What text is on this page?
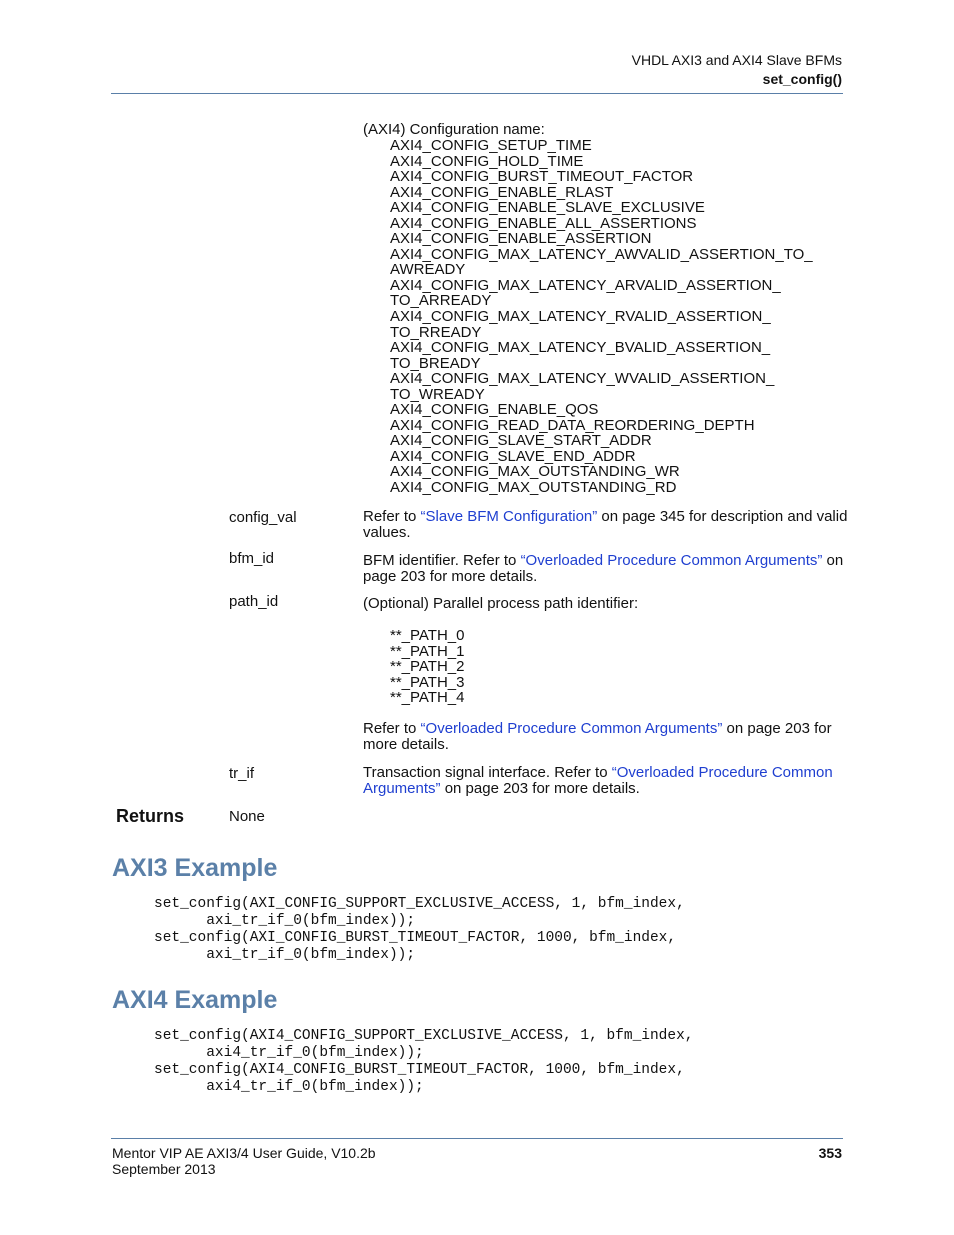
VHDL AXI3 and AXI4 Slave BFMs
set_config()
(AXI4) Configuration name:
AXI4_CONFIG_SETUP_TIME
AXI4_CONFIG_HOLD_TIME
AXI4_CONFIG_BURST_TIMEOUT_FACTOR
AXI4_CONFIG_ENABLE_RLAST
AXI4_CONFIG_ENABLE_SLAVE_EXCLUSIVE
AXI4_CONFIG_ENABLE_ALL_ASSERTIONS
AXI4_CONFIG_ENABLE_ASSERTION
AXI4_CONFIG_MAX_LATENCY_AWVALID_ASSERTION_TO_
AWREADY
AXI4_CONFIG_MAX_LATENCY_ARVALID_ASSERTION_
TO_ARREADY
AXI4_CONFIG_MAX_LATENCY_RVALID_ASSERTION_
TO_RREADY
AXI4_CONFIG_MAX_LATENCY_BVALID_ASSERTION_
TO_BREADY
AXI4_CONFIG_MAX_LATENCY_WVALID_ASSERTION_
TO_WREADY
AXI4_CONFIG_ENABLE_QOS
AXI4_CONFIG_READ_DATA_REORDERING_DEPTH
AXI4_CONFIG_SLAVE_START_ADDR
AXI4_CONFIG_SLAVE_END_ADDR
AXI4_CONFIG_MAX_OUTSTANDING_WR
AXI4_CONFIG_MAX_OUTSTANDING_RD
config_val	Refer to “Slave BFM Configuration” on page 345 for description and valid values.
bfm_id	BFM identifier. Refer to “Overloaded Procedure Common Arguments” on page 203 for more details.
path_id	(Optional) Parallel process path identifier:
**_PATH_0
**_PATH_1
**_PATH_2
**_PATH_3
**_PATH_4
Refer to “Overloaded Procedure Common Arguments” on page 203 for more details.
tr_if	Transaction signal interface. Refer to “Overloaded Procedure Common Arguments” on page 203 for more details.
Returns	None
AXI3 Example
set_config(AXI_CONFIG_SUPPORT_EXCLUSIVE_ACCESS, 1, bfm_index,
axi_tr_if_0(bfm_index));
set_config(AXI_CONFIG_BURST_TIMEOUT_FACTOR, 1000, bfm_index,
axi_tr_if_0(bfm_index));
AXI4 Example
set_config(AXI4_CONFIG_SUPPORT_EXCLUSIVE_ACCESS, 1, bfm_index,
axi4_tr_if_0(bfm_index));
set_config(AXI4_CONFIG_BURST_TIMEOUT_FACTOR, 1000, bfm_index,
axi4_tr_if_0(bfm_index));
Mentor VIP AE AXI3/4 User Guide, V10.2b
September 2013
353
